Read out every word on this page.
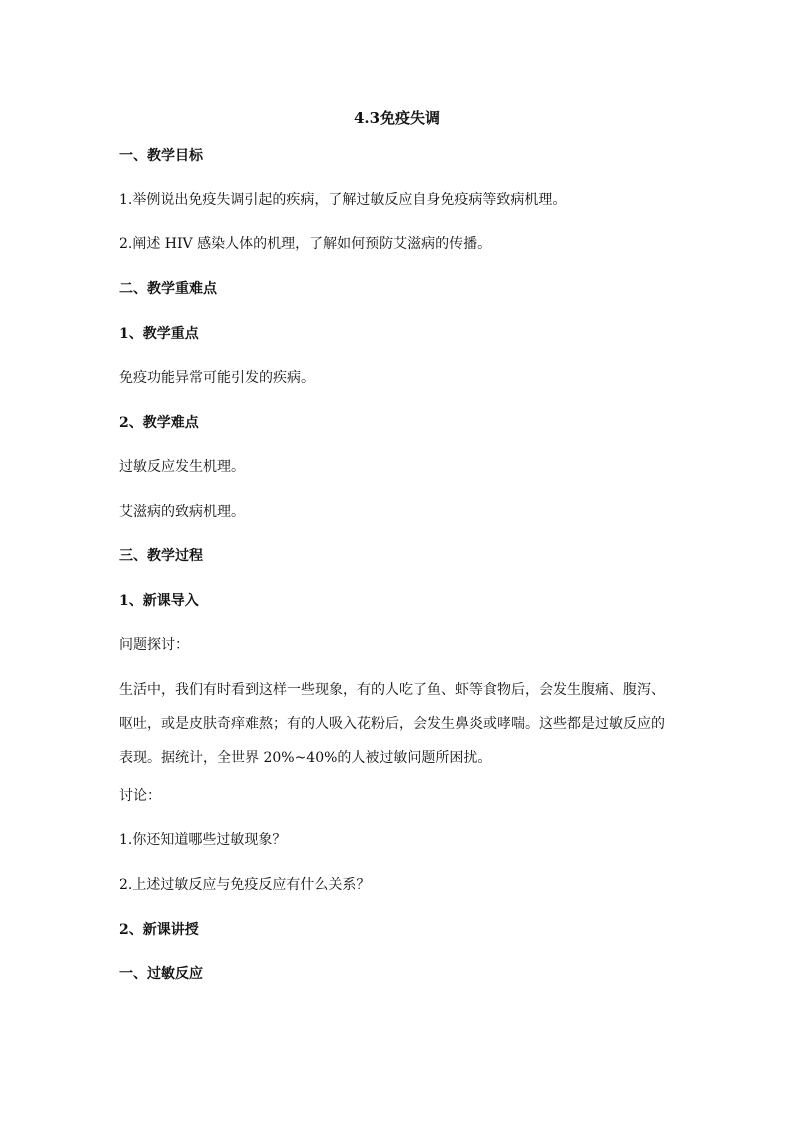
4.3免疫失调
一、教学目标
1.举例说出免疫失调引起的疾病，了解过敏反应自身免疫病等致病机理。
2.阐述 HIV 感染人体的机理，了解如何预防艾滋病的传播。
二、教学重难点
1、教学重点
免疫功能异常可能引发的疾病。
2、教学难点
过敏反应发生机理。
艾滋病的致病机理。
三、教学过程
1、新课导入
问题探讨：
生活中，我们有时看到这样一些现象，有的人吃了鱼、虾等食物后，会发生腹痛、腹泻、
呕吐，或是皮肤奇痒难熬；有的人吸入花粉后，会发生鼻炎或哮喘。这些都是过敏反应的
表现。据统计，全世界 20%~40%的人被过敏问题所困扰。
讨论：
1.你还知道哪些过敏现象？
2.上述过敏反应与免疫反应有什么关系？
2、新课讲授
一、过敏反应
